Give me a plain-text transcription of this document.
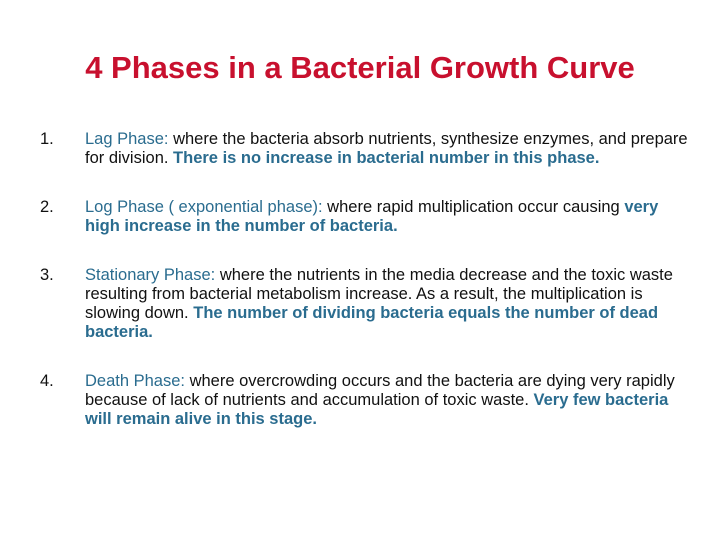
4 Phases in a Bacterial Growth Curve
1. Lag Phase: where the bacteria absorb nutrients, synthesize enzymes, and prepare for division. There is no increase in bacterial number in this phase.
2. Log Phase ( exponential phase): where rapid multiplication occur causing very high increase in the number of bacteria.
3. Stationary Phase: where the nutrients in the media decrease and the toxic waste resulting from bacterial metabolism increase. As a result, the multiplication is slowing down. The number of dividing bacteria equals the number of dead bacteria.
4. Death Phase: where overcrowding occurs and the bacteria are dying very rapidly because of lack of nutrients and accumulation of toxic waste. Very few bacteria will remain alive in this stage.
